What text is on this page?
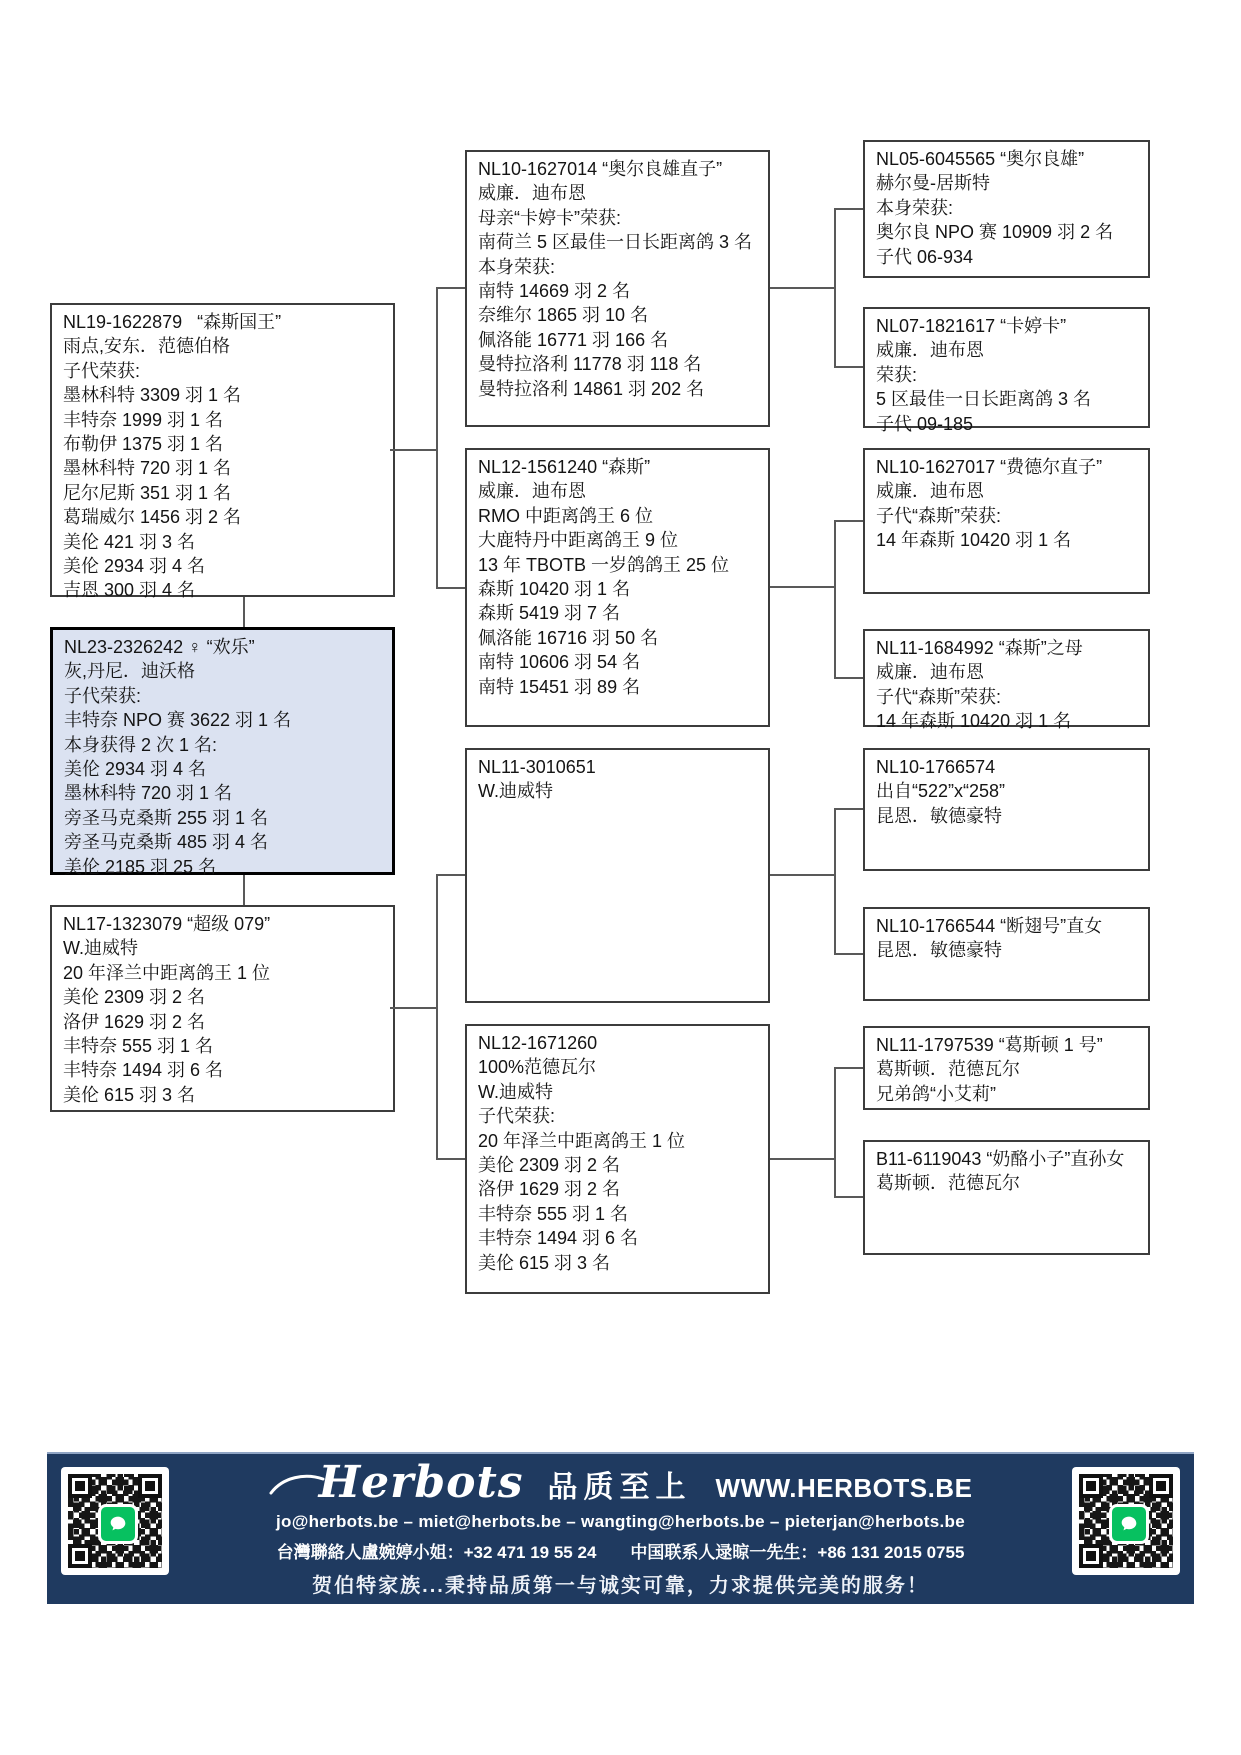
NL19-1622879   “森斯国王”
雨点,安东．范德伯格
子代荣获:
墨林科特 3309 羽 1 名
丰特奈 1999 羽 1 名
布勒伊 1375 羽 1 名
墨林科特 720 羽 1 名
尼尔尼斯 351 羽 1 名
葛瑞威尔 1456 羽 2 名
美伦 421 羽 3 名
美伦 2934 羽 4 名
吉恩 300 羽 4 名
NL23-2326242 ♀ “欢乐”
灰,丹尼．迪沃格
子代荣获:
丰特奈 NPO 赛 3622 羽 1 名
本身获得 2 次 1 名:
美伦 2934 羽 4 名
墨林科特 720 羽 1 名
旁圣马克桑斯 255 羽 1 名
旁圣马克桑斯 485 羽 4 名
美伦 2185 羽 25 名
NL17-1323079 “超级 079”
W.迪威特
20 年泽兰中距离鸽王 1 位
美伦 2309 羽 2 名
洛伊 1629 羽 2 名
丰特奈 555 羽 1 名
丰特奈 1494 羽 6 名
美伦 615 羽 3 名
NL10-1627014 “奥尔良雄直子”
威廉．迪布恩
母亲“卡婷卡”荣获:
南荷兰 5 区最佳一日长距离鸽 3 名
本身荣获:
南特 14669 羽 2 名
奈维尔 1865 羽 10 名
佩洛能 16771 羽 166 名
曼特拉洛利 11778 羽 118 名
曼特拉洛利 14861 羽 202 名
NL12-1561240 “森斯”
威廉．迪布恩
RMO 中距离鸽王 6 位
大鹿特丹中距离鸽王 9 位
13 年 TBOTB 一岁鸽鸽王 25 位
森斯 10420 羽 1 名
森斯 5419 羽 7 名
佩洛能 16716 羽 50 名
南特 10606 羽 54 名
南特 15451 羽 89 名
NL11-3010651
W.迪威特
NL12-1671260
100%范德瓦尔
W.迪威特
子代荣获:
20 年泽兰中距离鸽王 1 位
美伦 2309 羽 2 名
洛伊 1629 羽 2 名
丰特奈 555 羽 1 名
丰特奈 1494 羽 6 名
美伦 615 羽 3 名
NL05-6045565 “奥尔良雄”
赫尔曼-居斯特
本身荣获:
奥尔良 NPO 赛 10909 羽 2 名
子代 06-934
NL07-1821617 “卡婷卡”
威廉．迪布恩
荣获:
5 区最佳一日长距离鸽 3 名
子代 09-185
NL10-1627017 “费德尔直子”
威廉．迪布恩
子代“森斯”荣获:
14 年森斯 10420 羽 1 名
NL11-1684992 “森斯”之母
威廉．迪布恩
子代“森斯”荣获:
14 年森斯 10420 羽 1 名
NL10-1766574
出自“522”x“258”
昆恩．敏德豪特
NL10-1766544 “断翅号”直女
昆恩．敏德豪特
NL11-1797539 “葛斯顿 1 号”
葛斯顿．范德瓦尔
兄弟鸽“小艾莉”
B11-6119043 “奶酪小子”直孙女
葛斯顿．范德瓦尔
Herbots 品质至上 WWW.HERBOTS.BE
jo@herbots.be – miet@herbots.be – wangting@herbots.be – pieterjan@herbots.be
台灣聯絡人盧婉婷小姐：+32 471 19 55 24　　中国联系人逯晾一先生：+86 131 2015 0755
贺伯特家族...秉持品质第一与诚实可靠，力求提供完美的服务！
